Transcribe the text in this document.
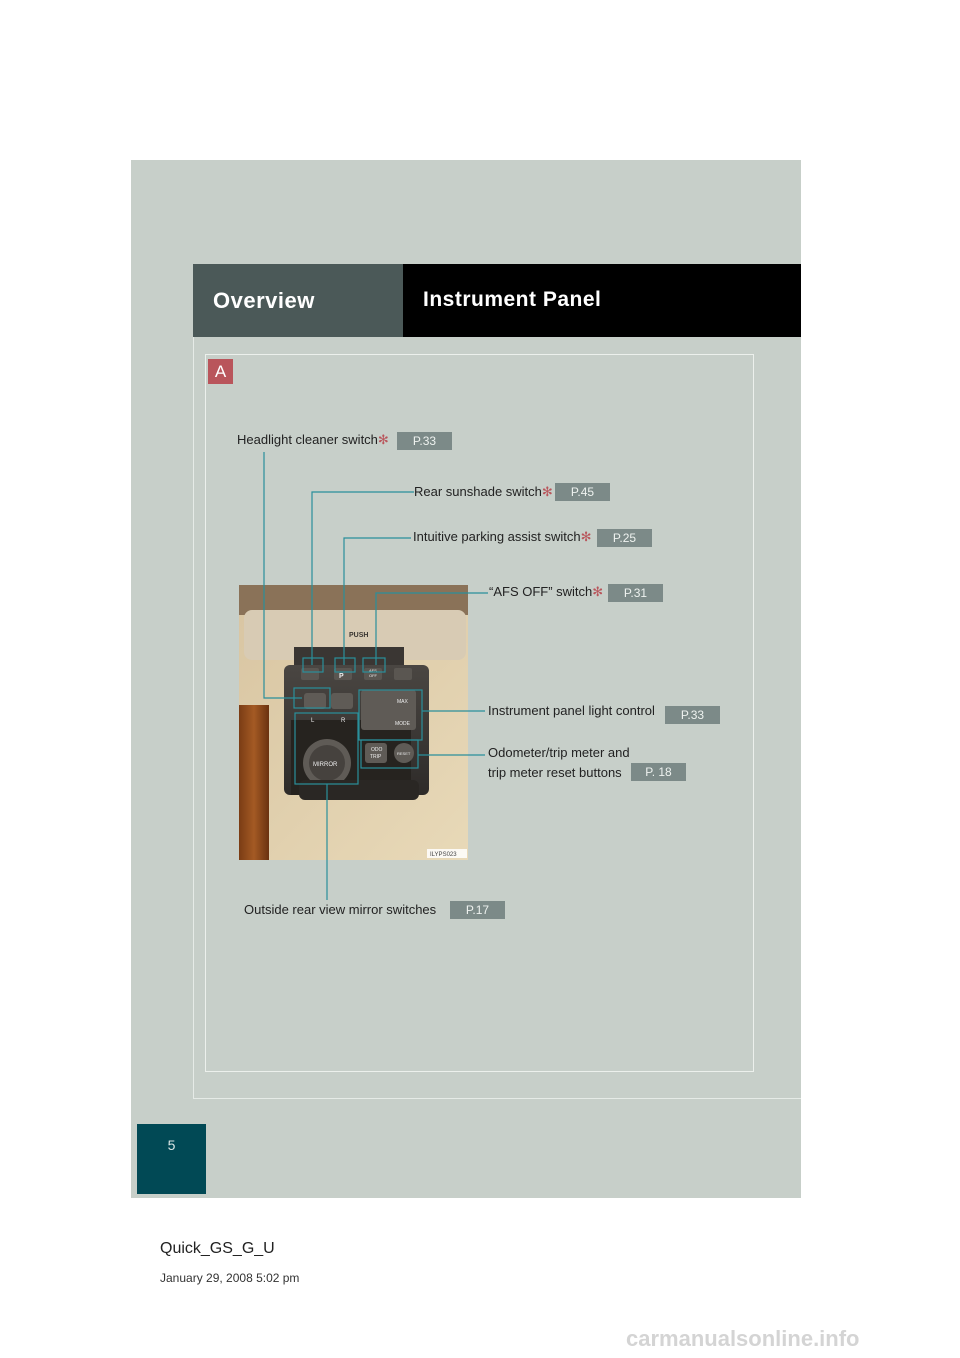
Overview	Instrument Panel
A
PUSH
MIRROR
MAX
MODE
ODO
TRIP
RESET
L	R
AFS
OFF
P
ILYPS023
Headlight cleaner switch✻	P.33
Rear sunshade switch✻	P.45
Intuitive parking assist switch✻	P.25
“AFS OFF” switch✻	P.31
Instrument panel light control	P.33
Odometer/trip meter and
trip meter reset buttons	P. 18
Outside rear view mirror switches	P.17
5
Quick_GS_G_U
January 29, 2008 5:02 pm
carmanualsonline.info
